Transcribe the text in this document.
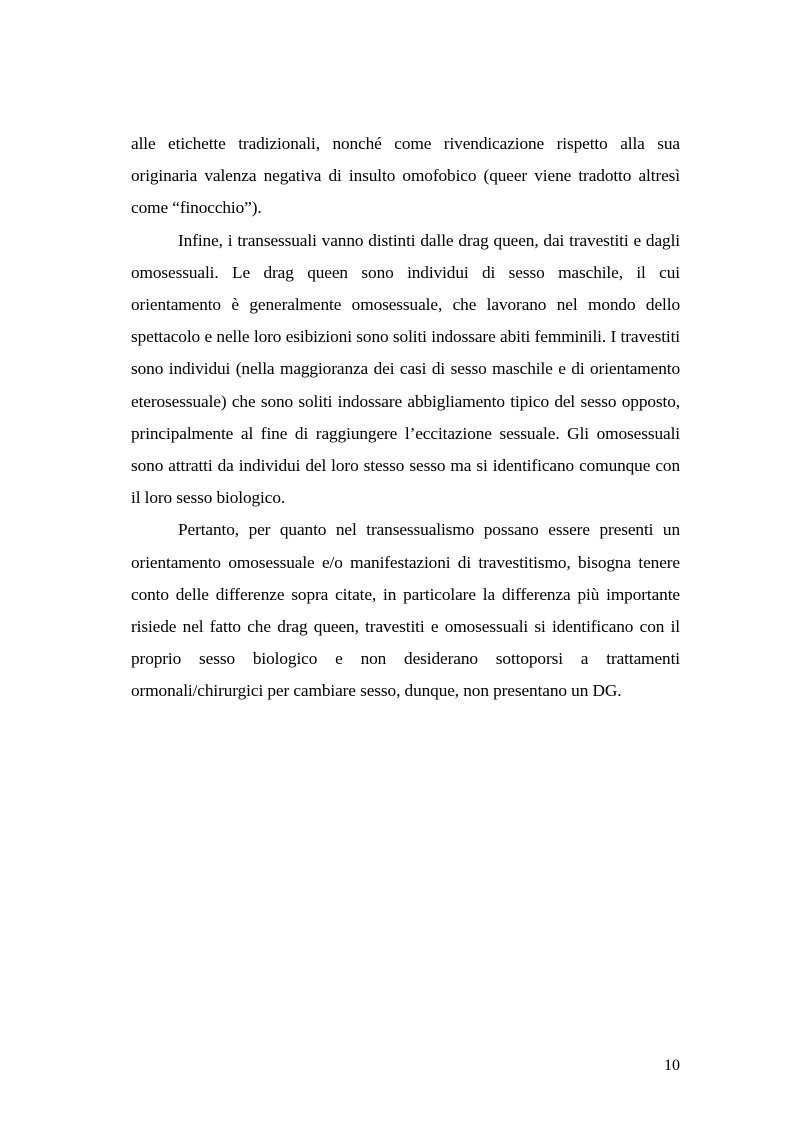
alle etichette tradizionali, nonché come rivendicazione rispetto alla sua originaria valenza negativa di insulto omofobico (queer viene tradotto altresì come “finocchio”).

Infine, i transessuali vanno distinti dalle drag queen, dai travestiti e dagli omosessuali. Le drag queen sono individui di sesso maschile, il cui orientamento è generalmente omosessuale, che lavorano nel mondo dello spettacolo e nelle loro esibizioni sono soliti indossare abiti femminili. I travestiti sono individui (nella maggioranza dei casi di sesso maschile e di orientamento eterosessuale) che sono soliti indossare abbigliamento tipico del sesso opposto, principalmente al fine di raggiungere l’eccitazione sessuale. Gli omosessuali sono attratti da individui del loro stesso sesso ma si identificano comunque con il loro sesso biologico.

Pertanto, per quanto nel transessualismo possano essere presenti un orientamento omosessuale e/o manifestazioni di travestitismo, bisogna tenere conto delle differenze sopra citate, in particolare la differenza più importante risiede nel fatto che drag queen, travestiti e omosessuali si identificano con il proprio sesso biologico e non desiderano sottoporsi a trattamenti ormonali/chirurgici per cambiare sesso, dunque, non presentano un DG.

10
